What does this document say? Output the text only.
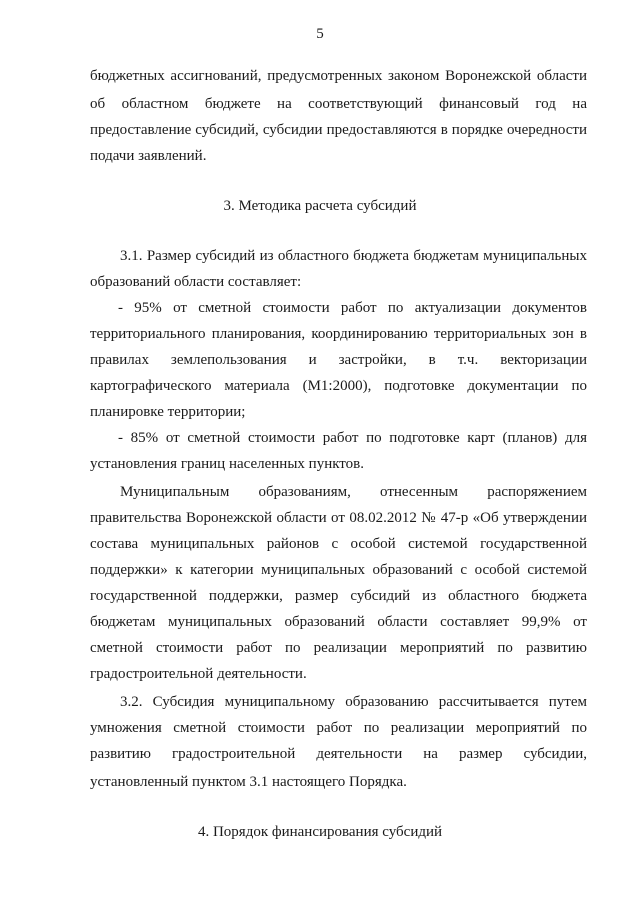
5
бюджетных ассигнований, предусмотренных законом Воронежской области
об областном бюджете на соответствующий финансовый год на
предоставление субсидий, субсидии предоставляются в порядке очередности
подачи заявлений.
3. Методика расчета субсидий
3.1. Размер субсидий из областного бюджета бюджетам муниципальных
образований области составляет:
- 95% от сметной стоимости работ по актуализации документов
территориального планирования, координированию территориальных зон в
правилах землепользования и застройки, в т.ч. векторизации
картографического материала (М1:2000), подготовке документации по
планировке территории;
- 85% от сметной стоимости работ по подготовке карт (планов) для
установления границ населенных пунктов.
Муниципальным образованиям, отнесенным распоряжением
правительства Воронежской области от 08.02.2012 № 47-р «Об утверждении
состава муниципальных районов с особой системой государственной
поддержки» к категории муниципальных образований с особой системой
государственной поддержки, размер субсидий из областного бюджета
бюджетам муниципальных образований области составляет 99,9% от
сметной стоимости работ по реализации мероприятий по развитию
градостроительной деятельности.
3.2. Субсидия муниципальному образованию рассчитывается путем
умножения сметной стоимости работ по реализации мероприятий по
развитию градостроительной деятельности на размер субсидии,
установленный пунктом 3.1 настоящего Порядка.
4. Порядок финансирования субсидий
